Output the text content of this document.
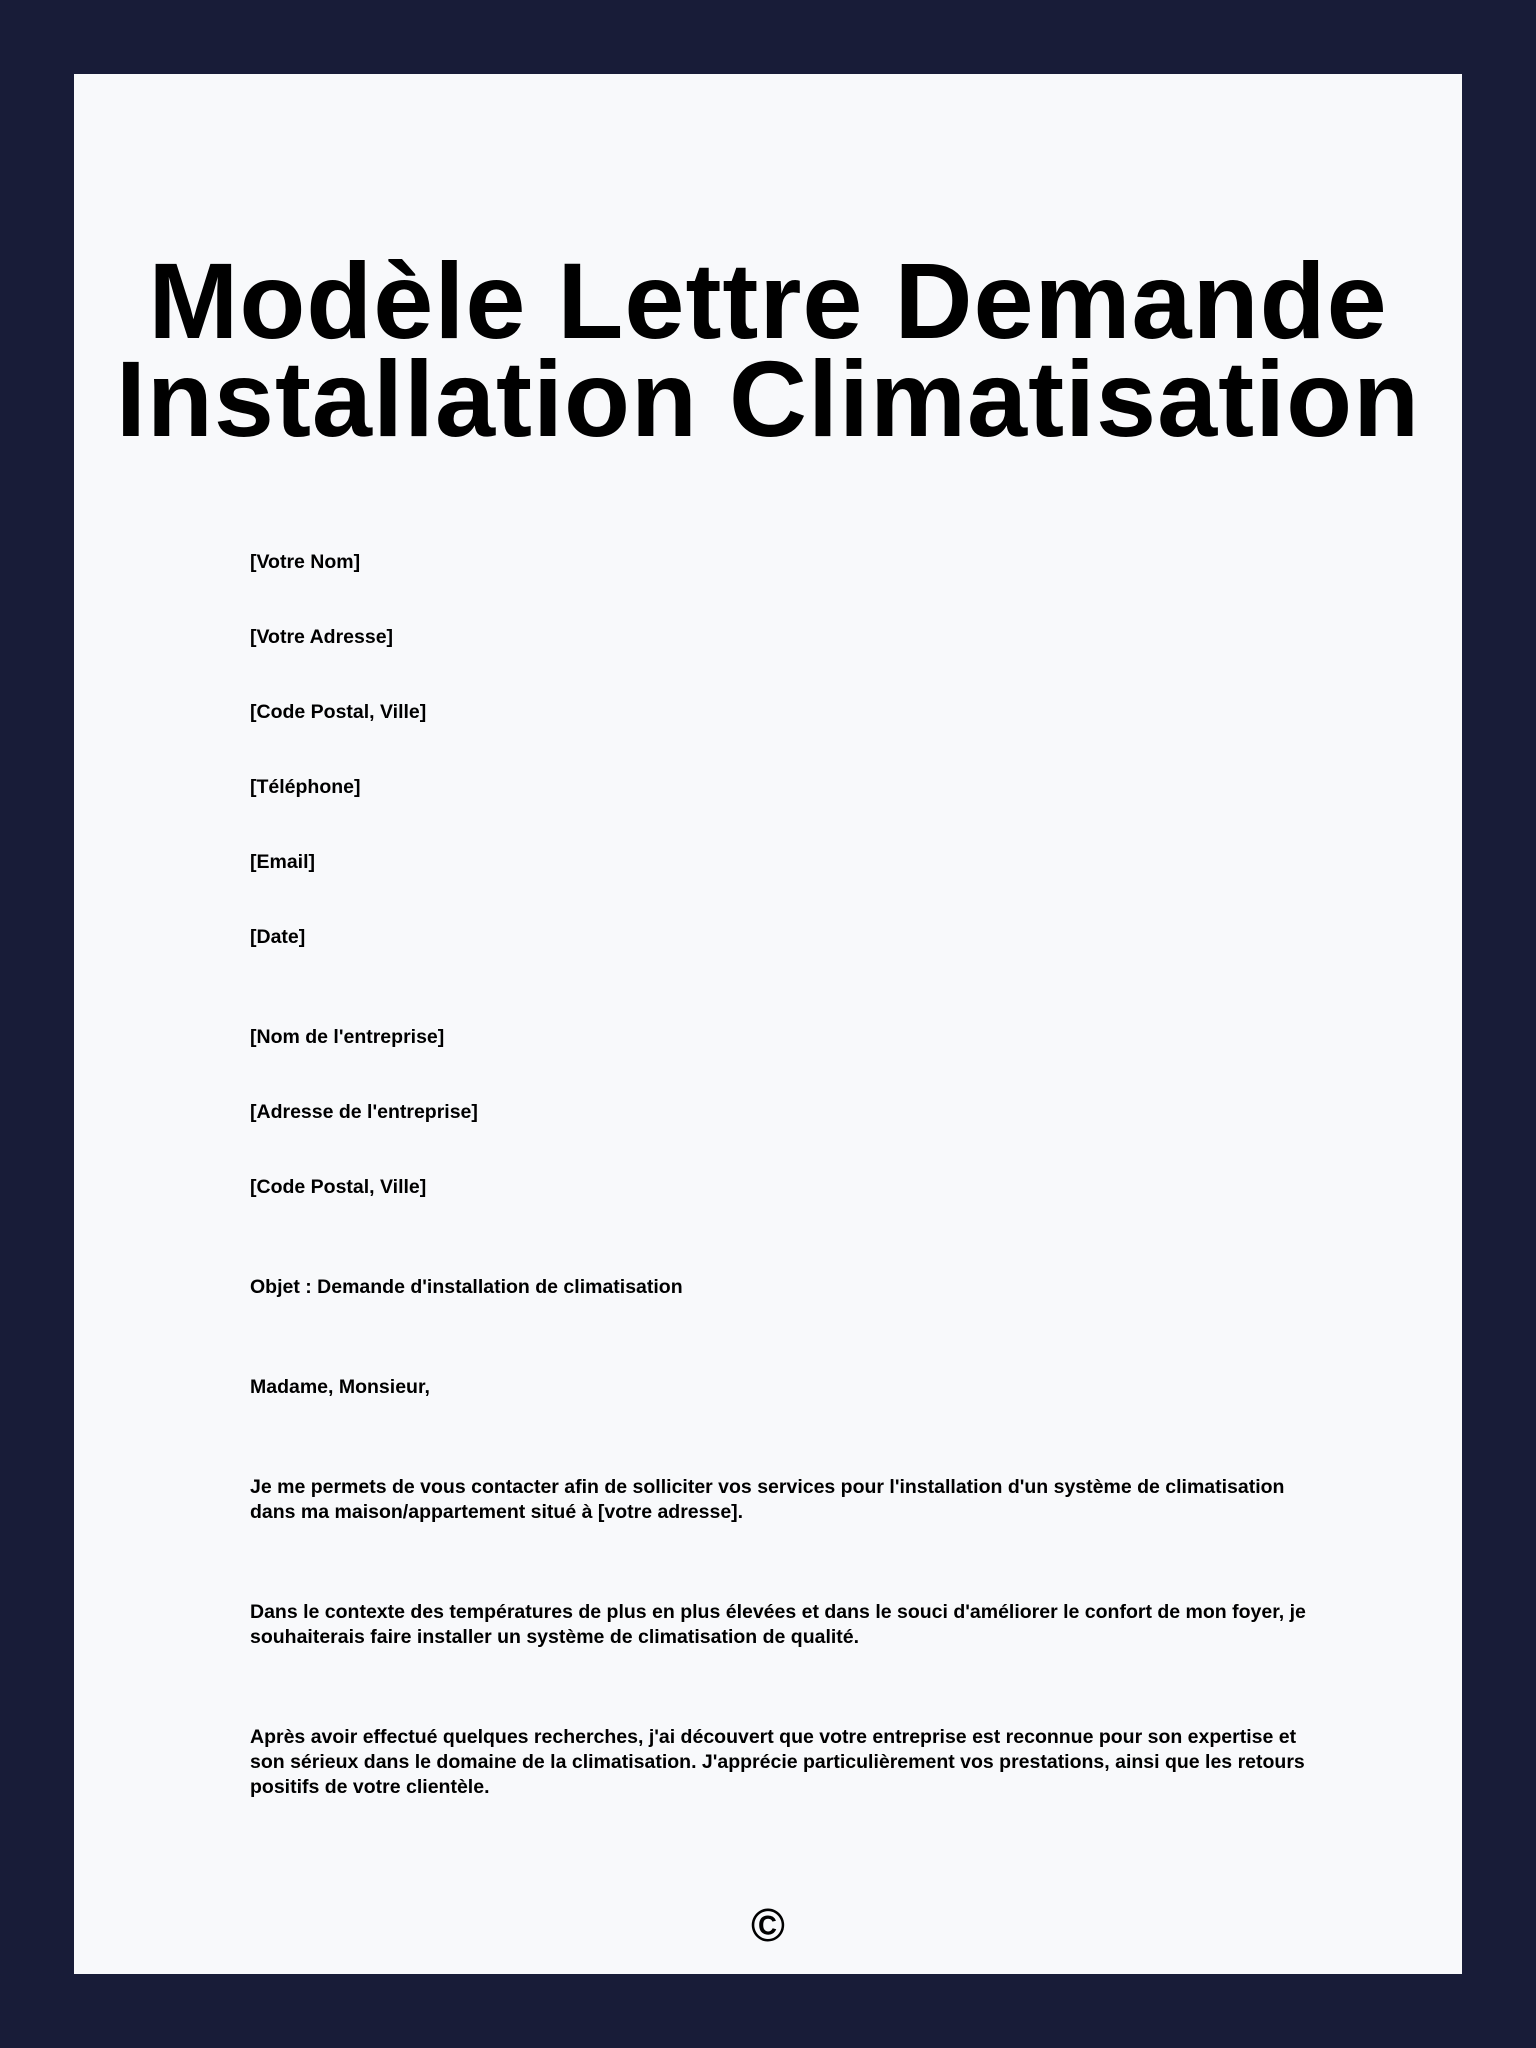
Modèle Lettre Demande
Installation Climatisation
[Votre Nom]
[Votre Adresse]
[Code Postal, Ville]
[Téléphone]
[Email]
[Date]
[Nom de l'entreprise]
[Adresse de l'entreprise]
[Code Postal, Ville]
Objet : Demande d'installation de climatisation
Madame, Monsieur,

Je me permets de vous contacter afin de solliciter vos services pour l'installation d'un système de climatisation dans ma maison/appartement situé à [votre adresse].

Dans le contexte des températures de plus en plus élevées et dans le souci d'améliorer le confort de mon foyer, je souhaiterais faire installer un système de climatisation de qualité.

Après avoir effectué quelques recherches, j'ai découvert que votre entreprise est reconnue pour son expertise et son sérieux dans le domaine de la climatisation. J'apprécie particulièrement vos prestations, ainsi que les retours positifs de votre clientèle.

©
